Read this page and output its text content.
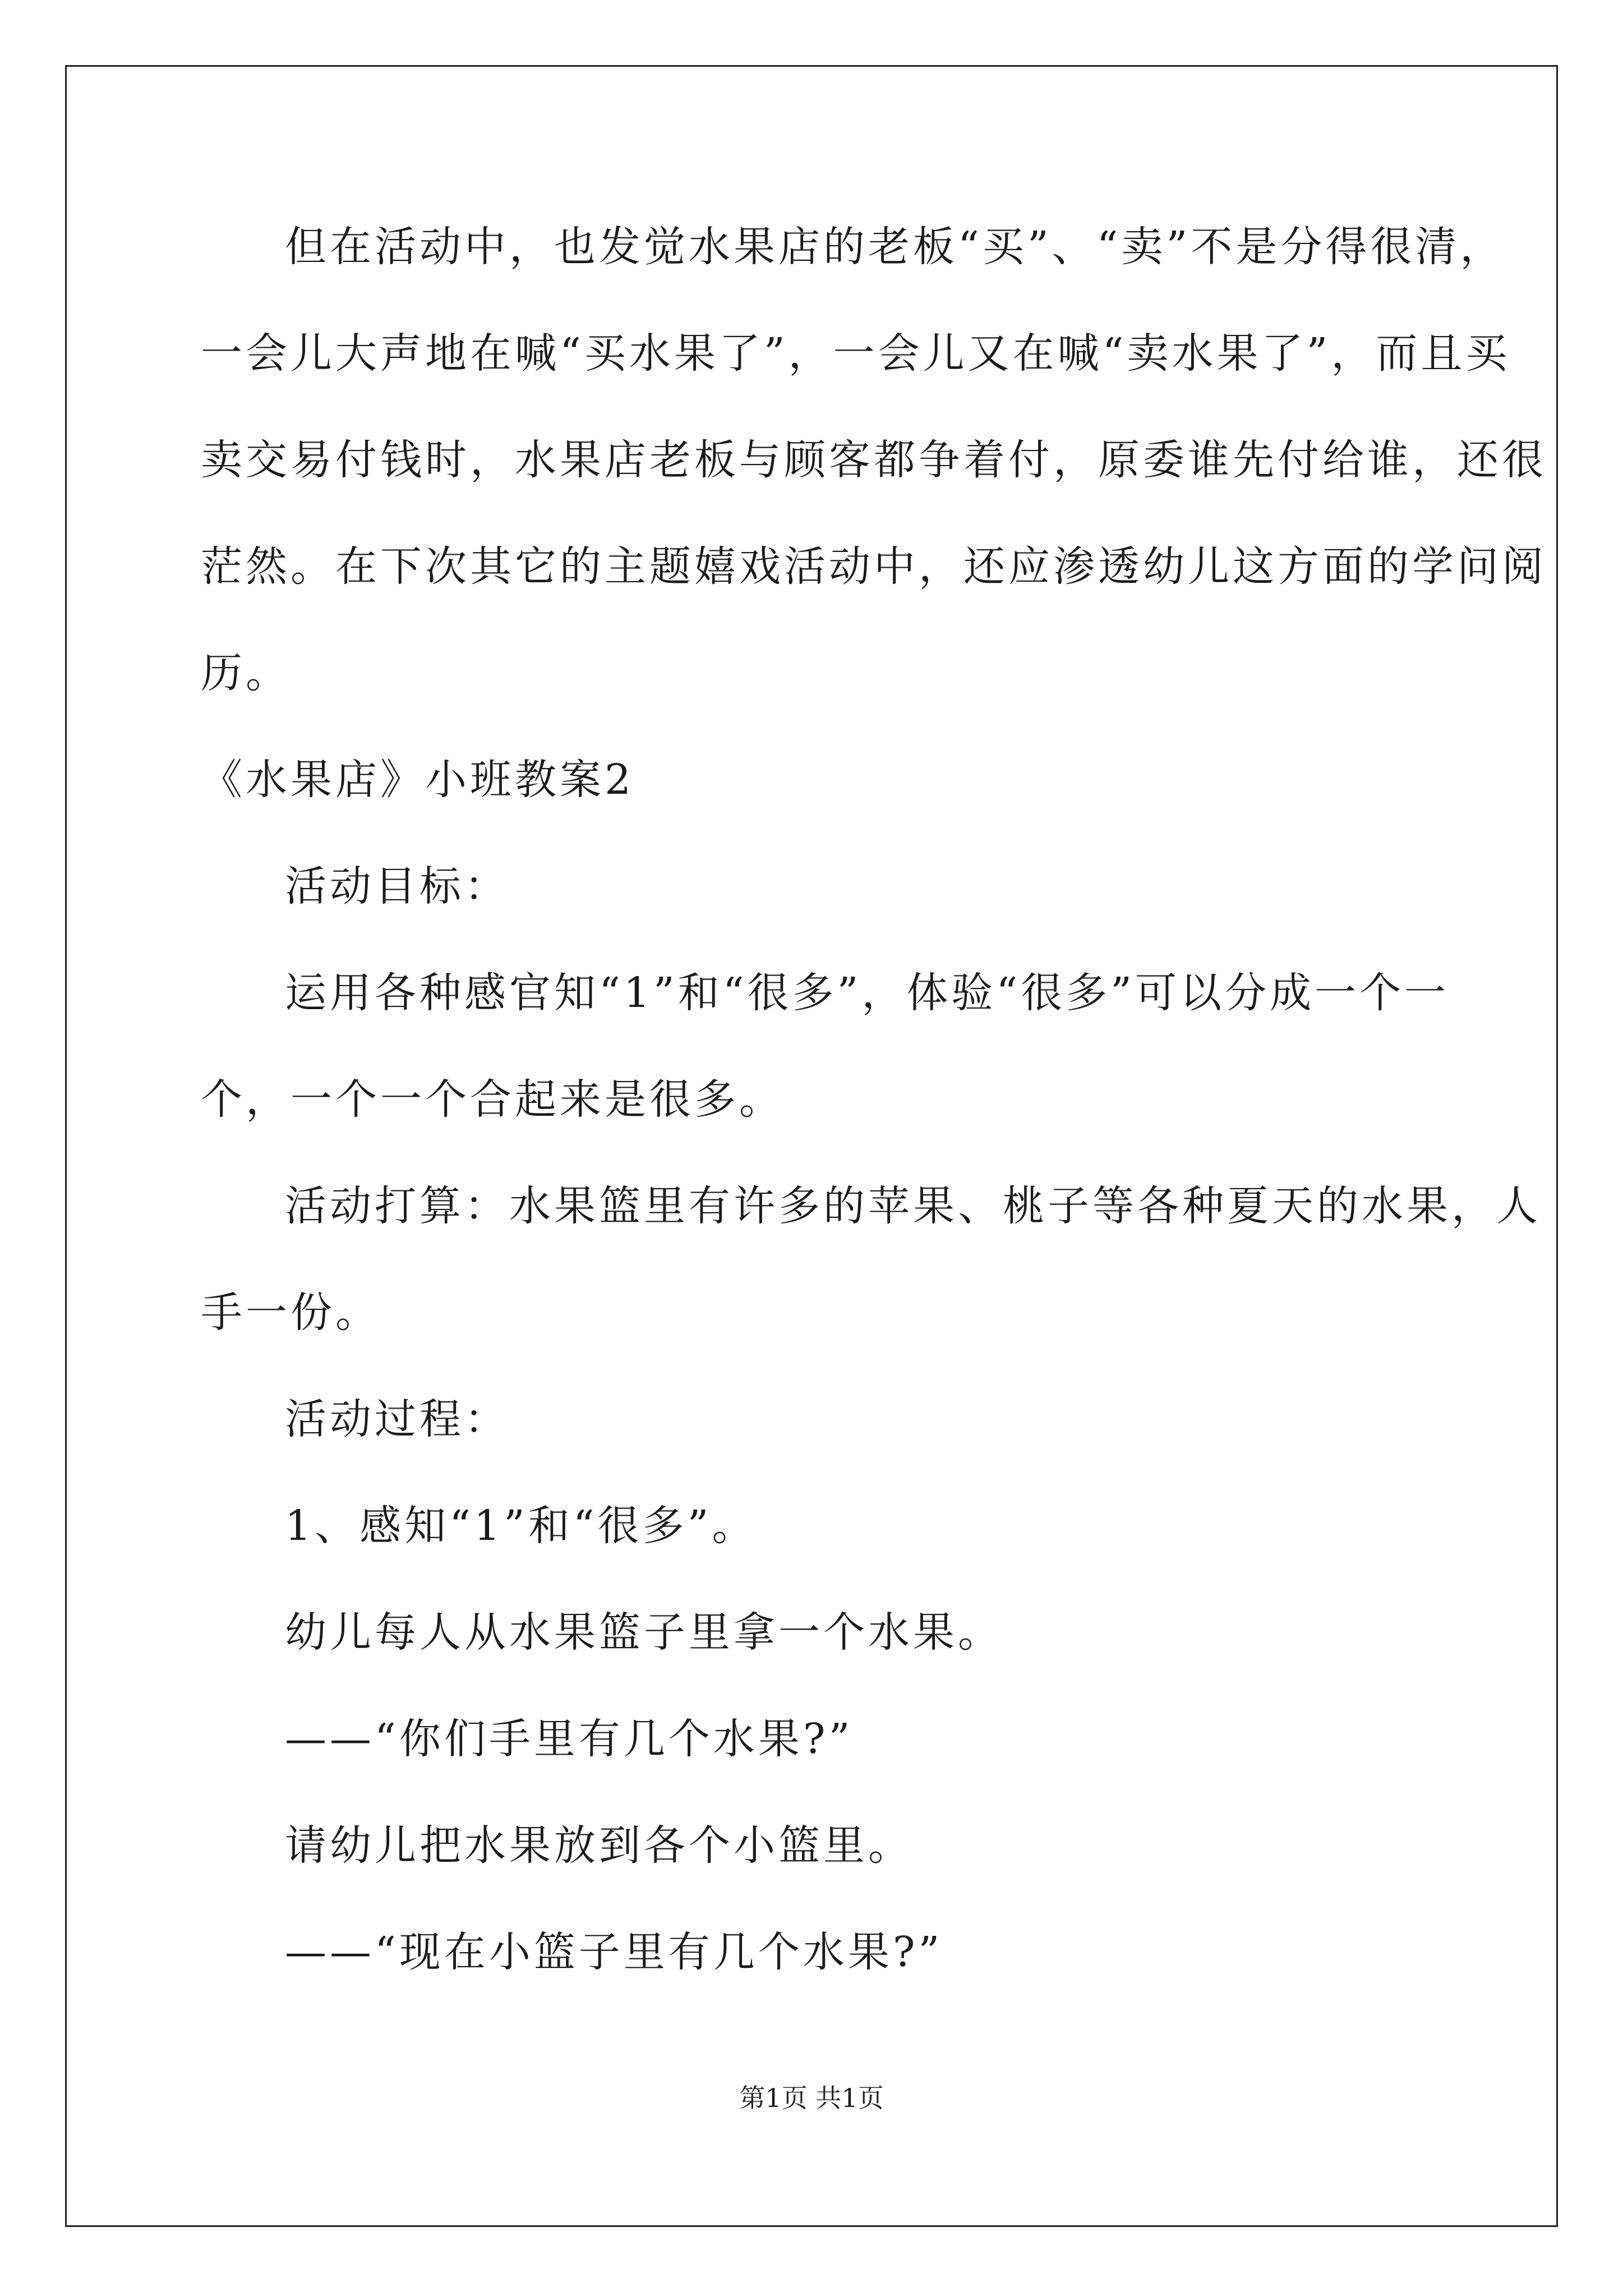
但在活动中，也发觉水果店的老板“买”、“卖”不是分得很清，
一会儿大声地在喊“买水果了”，一会儿又在喊“卖水果了”，而且买
卖交易付钱时，水果店老板与顾客都争着付，原委谁先付给谁，还很
茫然。在下次其它的主题嬉戏活动中，还应渗透幼儿这方面的学问阅
历。
《水果店》小班教案2
活动目标：
运用各种感官知“1”和“很多”，体验“很多”可以分成一个一
个，一个一个合起来是很多。
活动打算：水果篮里有许多的苹果、桃子等各种夏天的水果，人
手一份。
活动过程：
1、感知“1”和“很多”。
幼儿每人从水果篮子里拿一个水果。
——“你们手里有几个水果?”
请幼儿把水果放到各个小篮里。
——“现在小篮子里有几个水果?”
第1页 共1页
